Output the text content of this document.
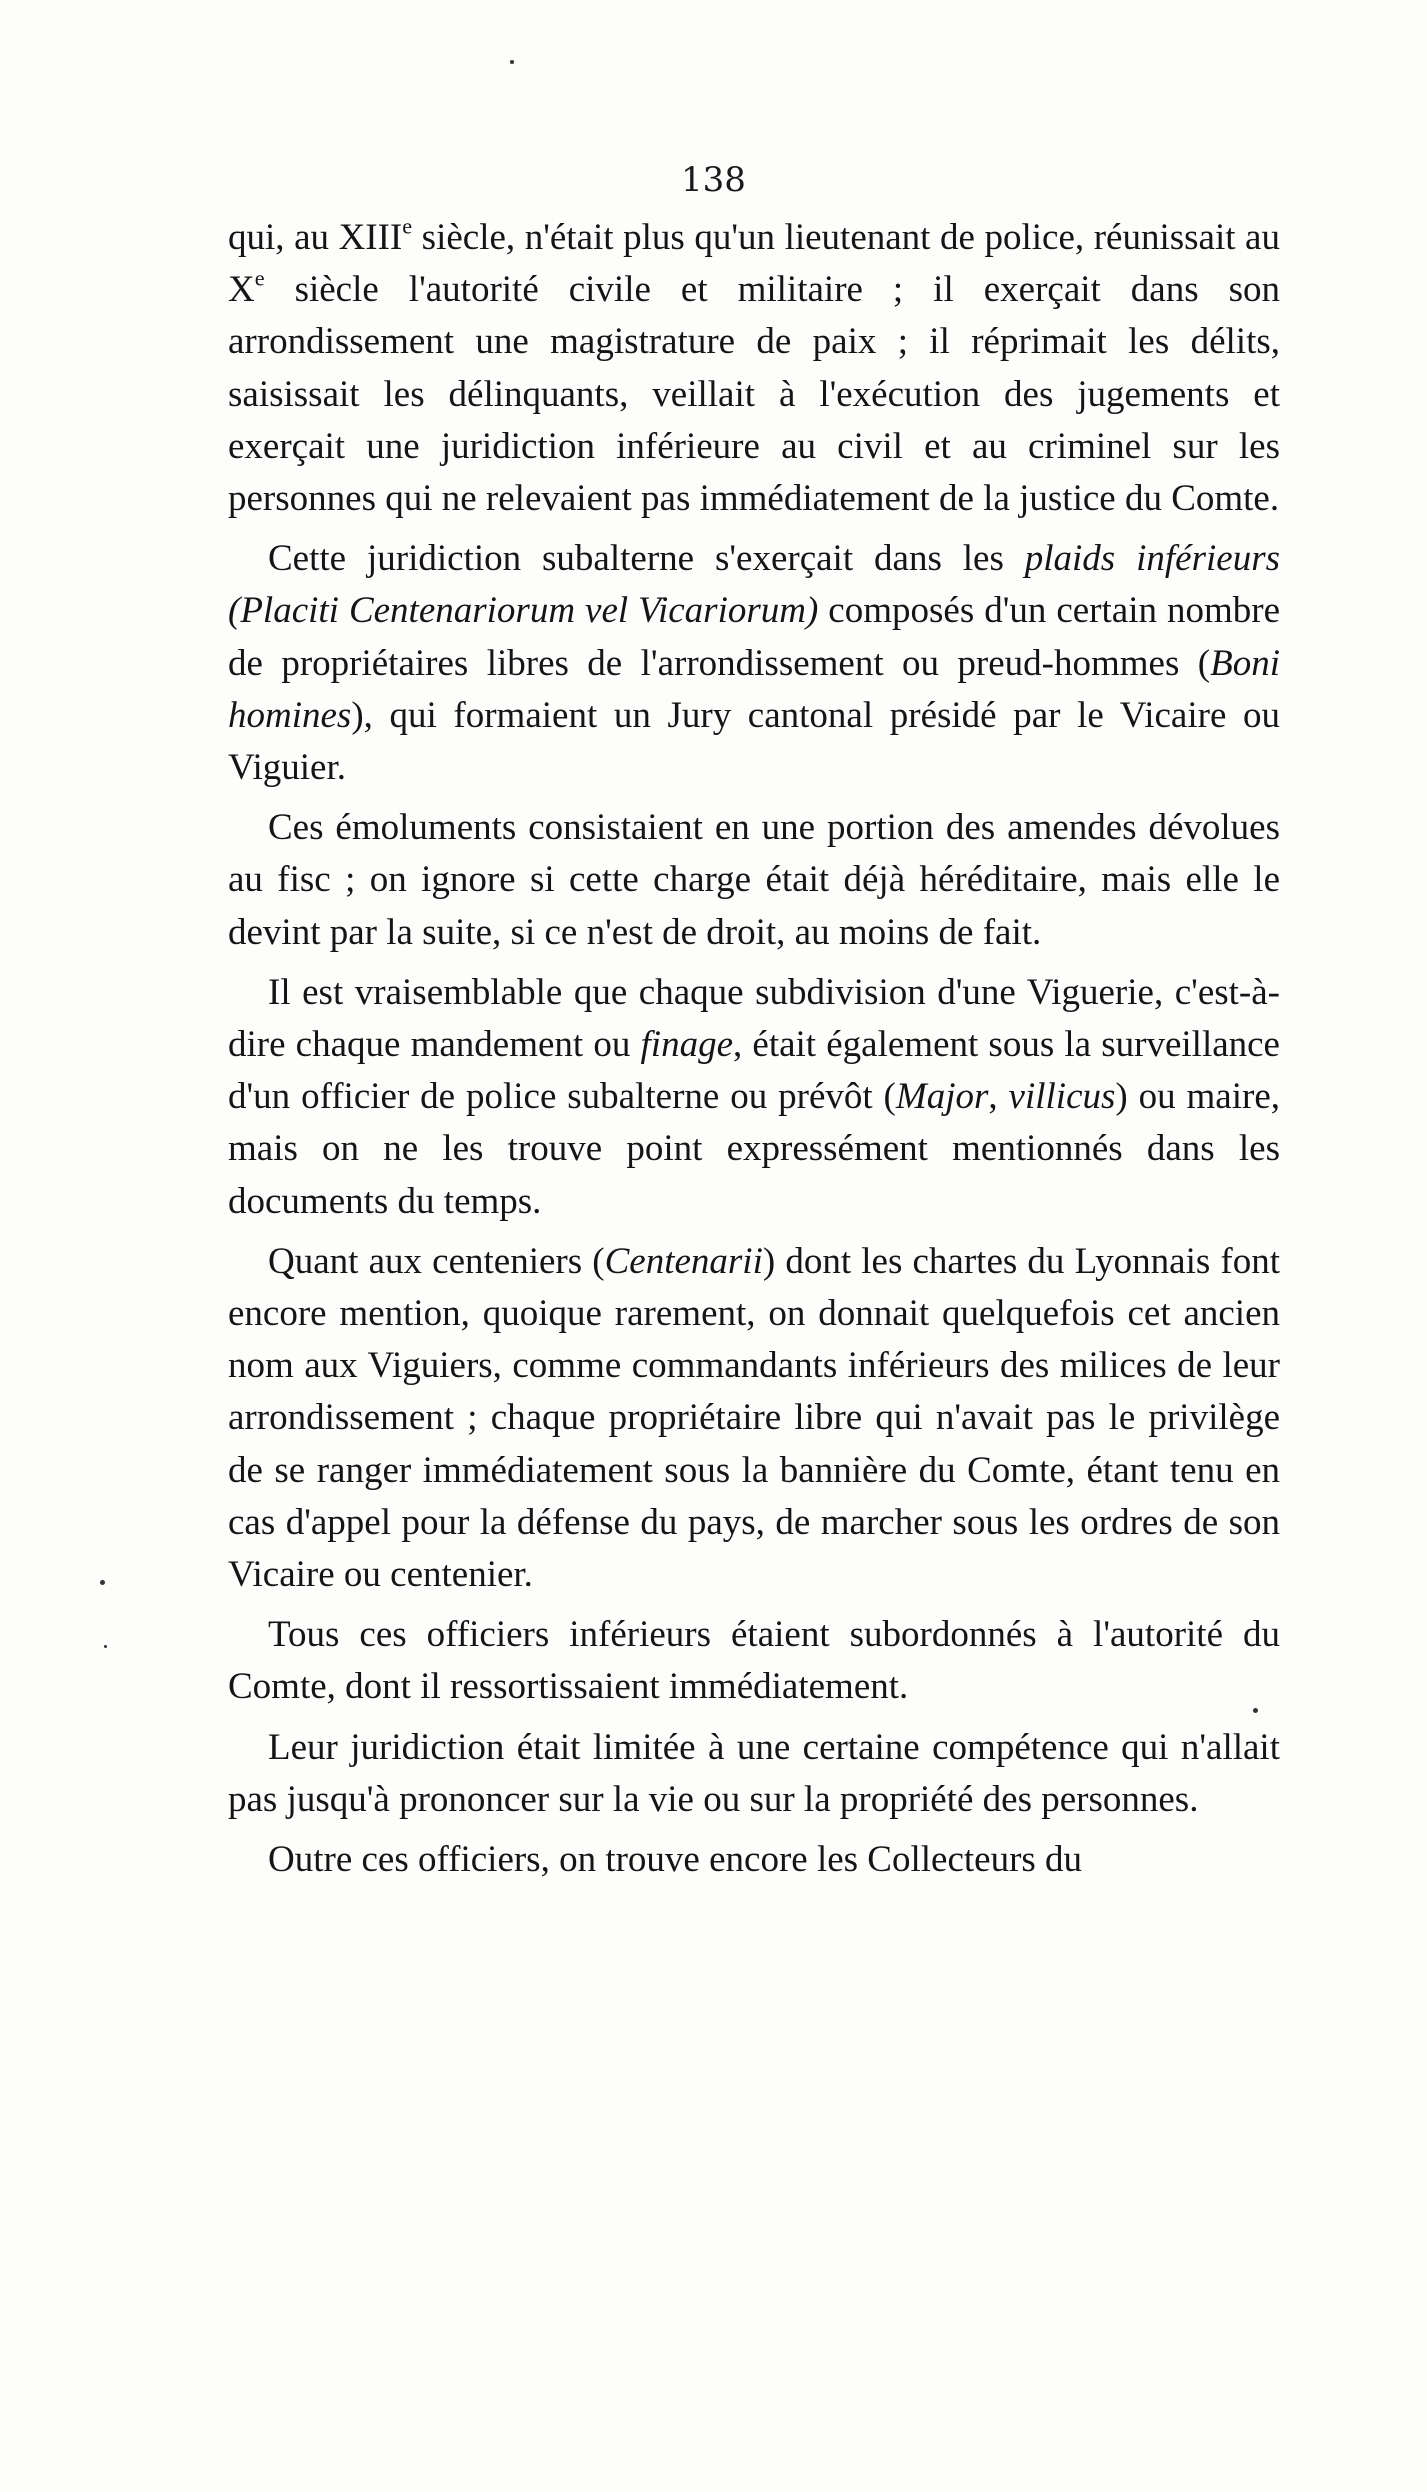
138

qui, au XIIIe siècle, n'était plus qu'un lieutenant de police, réunissait au Xe siècle l'autorité civile et militaire ; il exerçait dans son arrondissement une magistrature de paix ; il réprimait les délits, saisissait les délinquants, veillait à l'exécution des jugements et exerçait une juridiction inférieure au civil et au criminel sur les personnes qui ne relevaient pas immédiatement de la justice du Comte.

Cette juridiction subalterne s'exerçait dans les plaids inférieurs (Placiti Centenariorum vel Vicariorum) composés d'un certain nombre de propriétaires libres de l'arrondissement ou preud-hommes (Boni homines), qui formaient un Jury cantonal présidé par le Vicaire ou Viguier.

Ces émoluments consistaient en une portion des amendes dévolues au fisc ; on ignore si cette charge était déjà héréditaire, mais elle le devint par la suite, si ce n'est de droit, au moins de fait.

Il est vraisemblable que chaque subdivision d'une Viguerie, c'est-à-dire chaque mandement ou finage, était également sous la surveillance d'un officier de police subalterne ou prévôt (Major, villicus) ou maire, mais on ne les trouve point expressément mentionnés dans les documents du temps.

Quant aux centeniers (Centenarii) dont les chartes du Lyonnais font encore mention, quoique rarement, on donnait quelquefois cet ancien nom aux Viguiers, comme commandants inférieurs des milices de leur arrondissement ; chaque propriétaire libre qui n'avait pas le privilège de se ranger immédiatement sous la bannière du Comte, étant tenu en cas d'appel pour la défense du pays, de marcher sous les ordres de son Vicaire ou centenier.

Tous ces officiers inférieurs étaient subordonnés à l'autorité du Comte, dont il ressortissaient immédiatement.

Leur juridiction était limitée à une certaine compétence qui n'allait pas jusqu'à prononcer sur la vie ou sur la propriété des personnes.

Outre ces officiers, on trouve encore les Collecteurs du
